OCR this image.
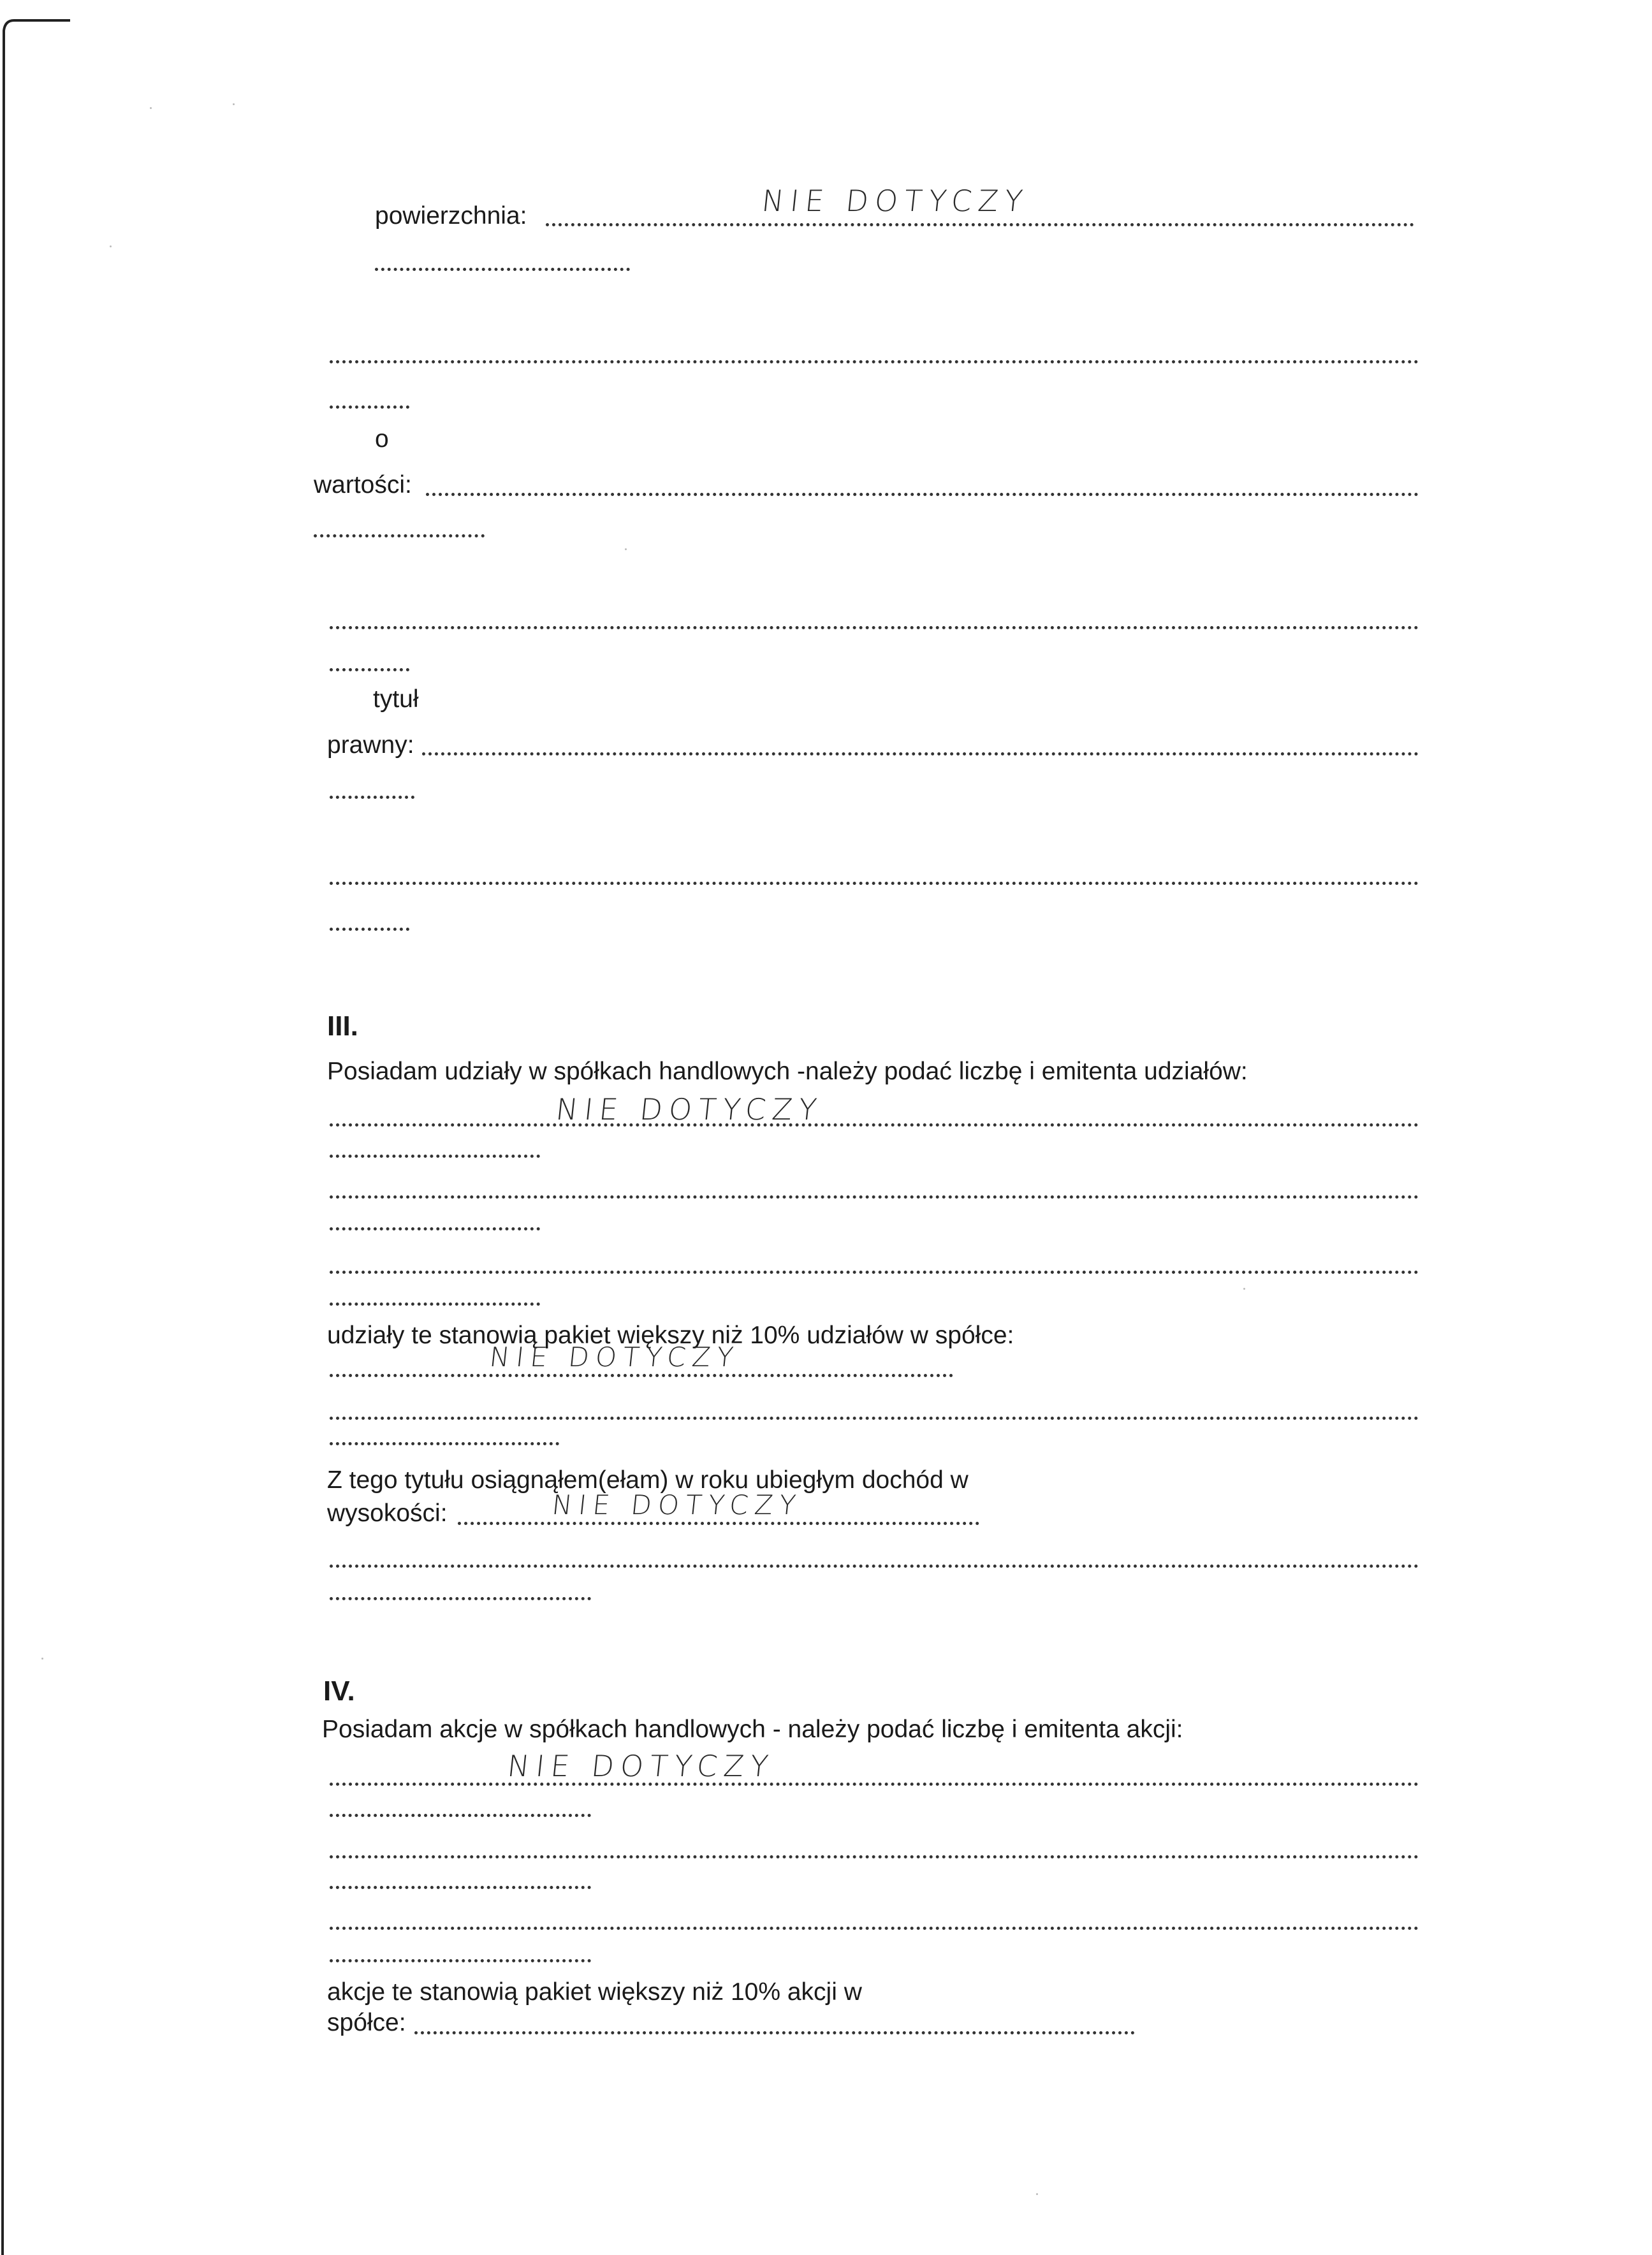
powierzchnia:	NIE DOTYCZY
o
wartości:
tytuł
prawny:
III.
Posiadam udziały w spółkach handlowych -należy podać liczbę i emitenta udziałów:
NIE DOTYCZY
udziały te stanowią pakiet większy niż 10% udziałów w spółce:
NIE DOTYCZY
Z tego tytułu osiągnąłem(ełam) w roku ubiegłym dochód w
wysokości:	NIE DOTYCZY
IV.
Posiadam akcje w spółkach handlowych - należy podać liczbę i emitenta akcji:
NIE DOTYCZY
akcje te stanowią pakiet większy niż 10% akcji w
spółce:
